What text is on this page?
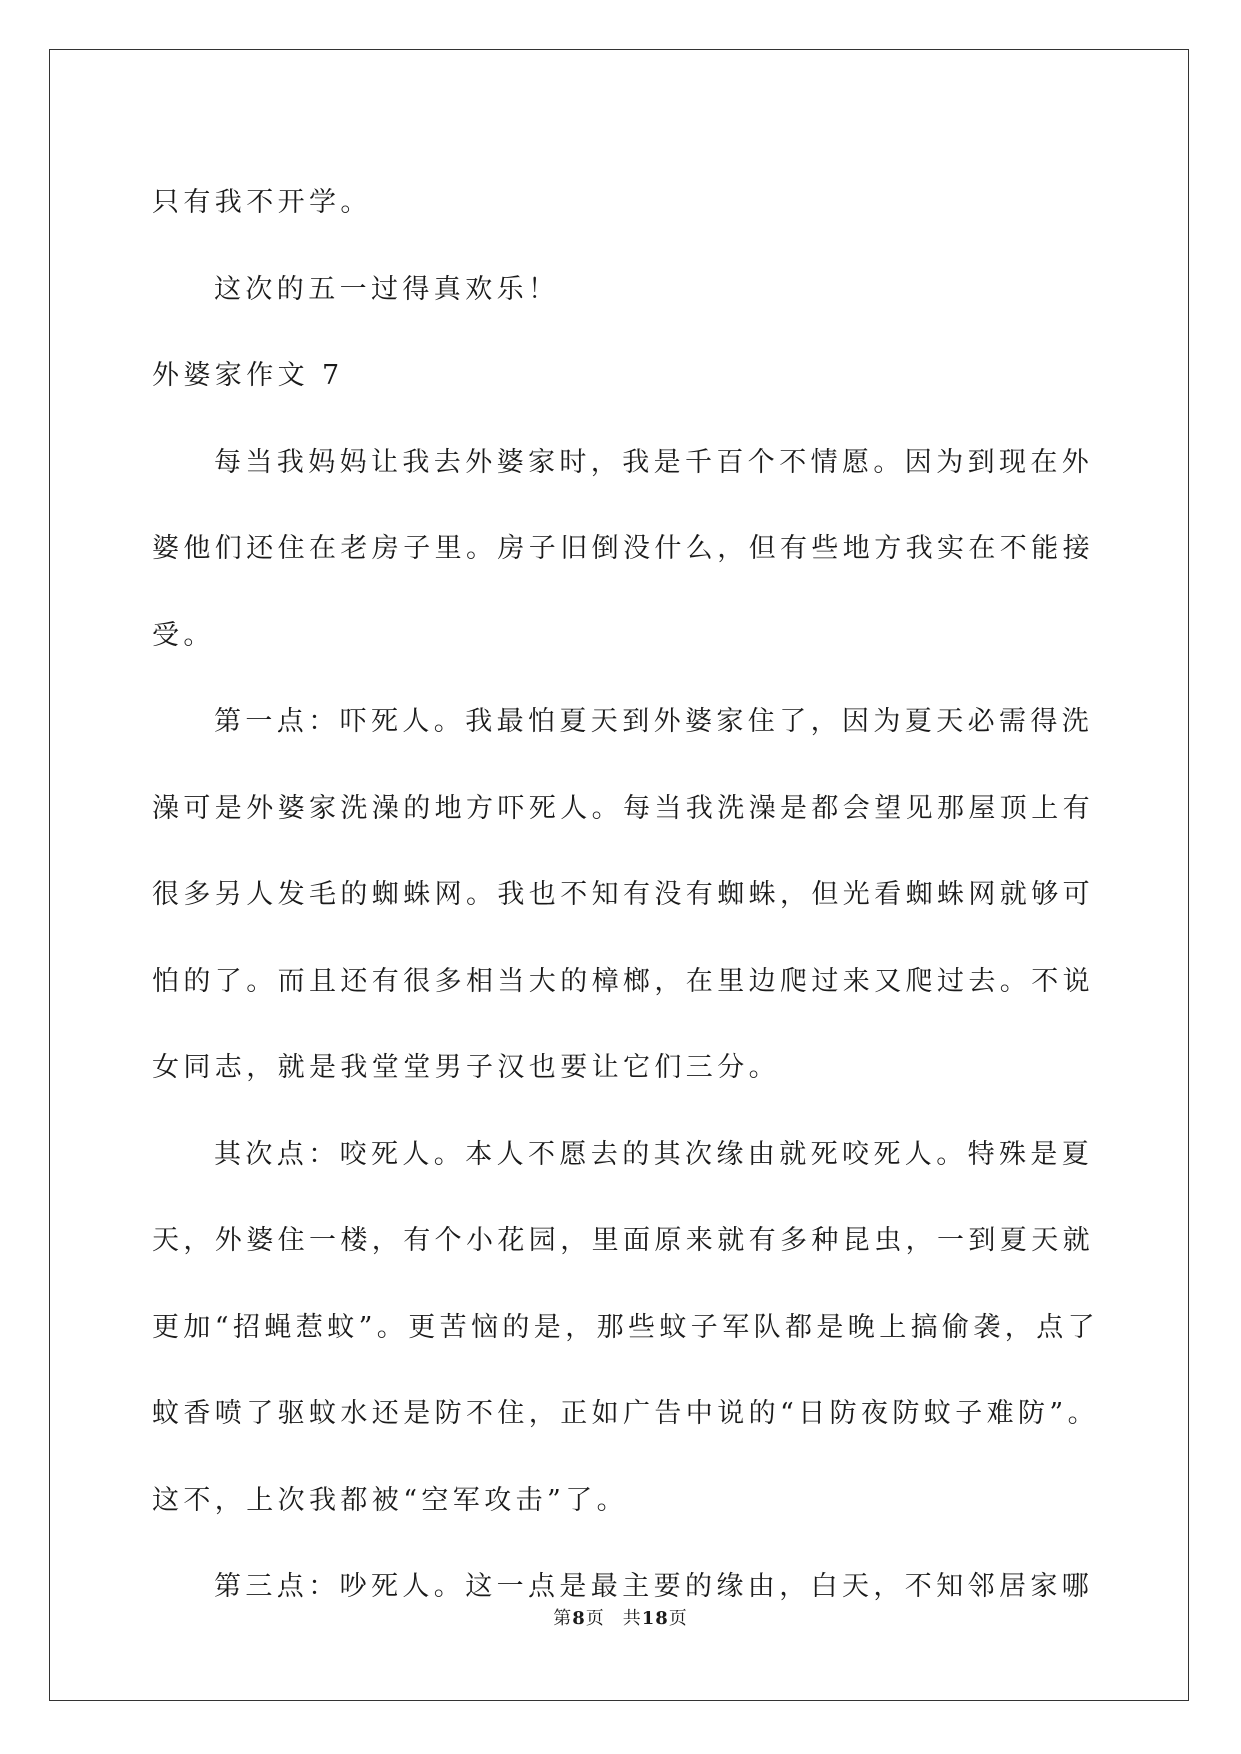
只有我不开学。
这次的五一过得真欢乐！
外婆家作文 7
每当我妈妈让我去外婆家时，我是千百个不情愿。因为到现在外
婆他们还住在老房子里。房子旧倒没什么，但有些地方我实在不能接
受。
第一点：吓死人。我最怕夏天到外婆家住了，因为夏天必需得洗
澡可是外婆家洗澡的地方吓死人。每当我洗澡是都会望见那屋顶上有
很多另人发毛的蜘蛛网。我也不知有没有蜘蛛，但光看蜘蛛网就够可
怕的了。而且还有很多相当大的樟榔，在里边爬过来又爬过去。不说
女同志，就是我堂堂男子汉也要让它们三分。
其次点：咬死人。本人不愿去的其次缘由就死咬死人。特殊是夏
天，外婆住一楼，有个小花园，里面原来就有多种昆虫，一到夏天就
更加“招蝇惹蚊”。更苦恼的是，那些蚊子军队都是晚上搞偷袭，点了
蚊香喷了驱蚊水还是防不住，正如广告中说的“日防夜防蚊子难防”。
这不，上次我都被“空军攻击”了。
第三点：吵死人。这一点是最主要的缘由，白天，不知邻居家哪
第8页 共18页
